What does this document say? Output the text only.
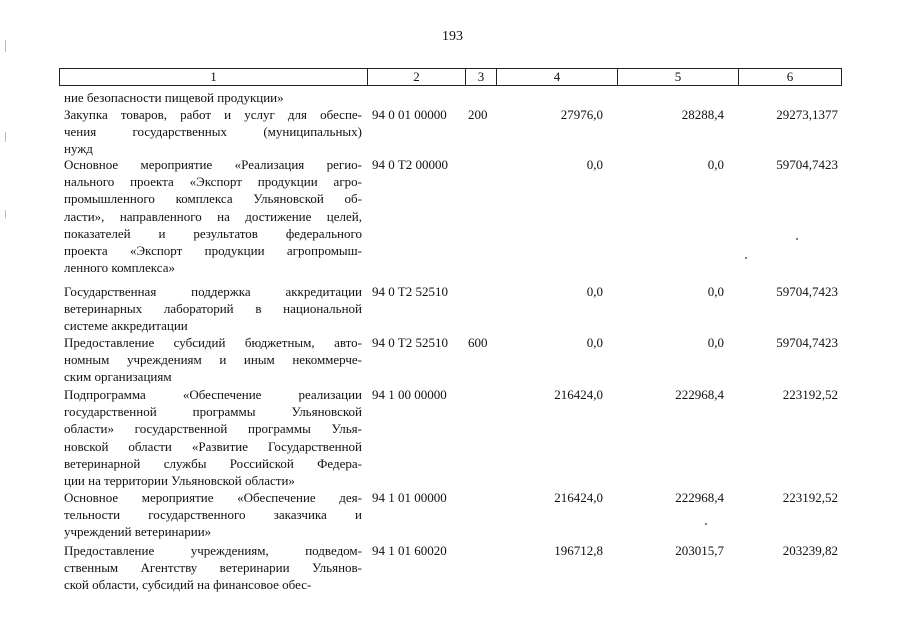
193
1	2	3	4	5	6
ние безопасности пищевой продукции»
Закупка товаров, работ и услуг для обеспе-
чения государственных (муниципальных)
нужд
94 0 01 00000 200	27976,0	28288,4	29273,1377
Основное мероприятие «Реализация регио-
нального проекта «Экспорт продукции агро-
промышленного комплекса Ульяновской об-
ласти», направленного на достижение целей,
показателей и результатов федерального
проекта «Экспорт продукции агропромыш-
ленного комплекса»
94 0 T2 00000	0,0	0,0	59704,7423
Государственная поддержка аккредитации
ветеринарных лабораторий в национальной
системе аккредитации
94 0 T2 52510	0,0	0,0	59704,7423
Предоставление субсидий бюджетным, авто-
номным учреждениям и иным некоммерче-
ским организациям
94 0 T2 52510 600	0,0	0,0	59704,7423
Подпрограмма «Обеспечение реализации
государственной программы Ульяновской
области» государственной программы Улья-
новской области «Развитие Государственной
ветеринарной службы Российской Федера-
ции на территории Ульяновской области»
94 1 00 00000	216424,0	222968,4	223192,52
Основное мероприятие «Обеспечение дея-
тельности государственного заказчика и
учреждений ветеринарии»
94 1 01 00000	216424,0	222968,4	223192,52
Предоставление учреждениям, подведом-
ственным Агентству ветеринарии Ульянов-
ской области, субсидий на финансовое обес-
94 1 01 60020	196712,8	203015,7	203239,82
